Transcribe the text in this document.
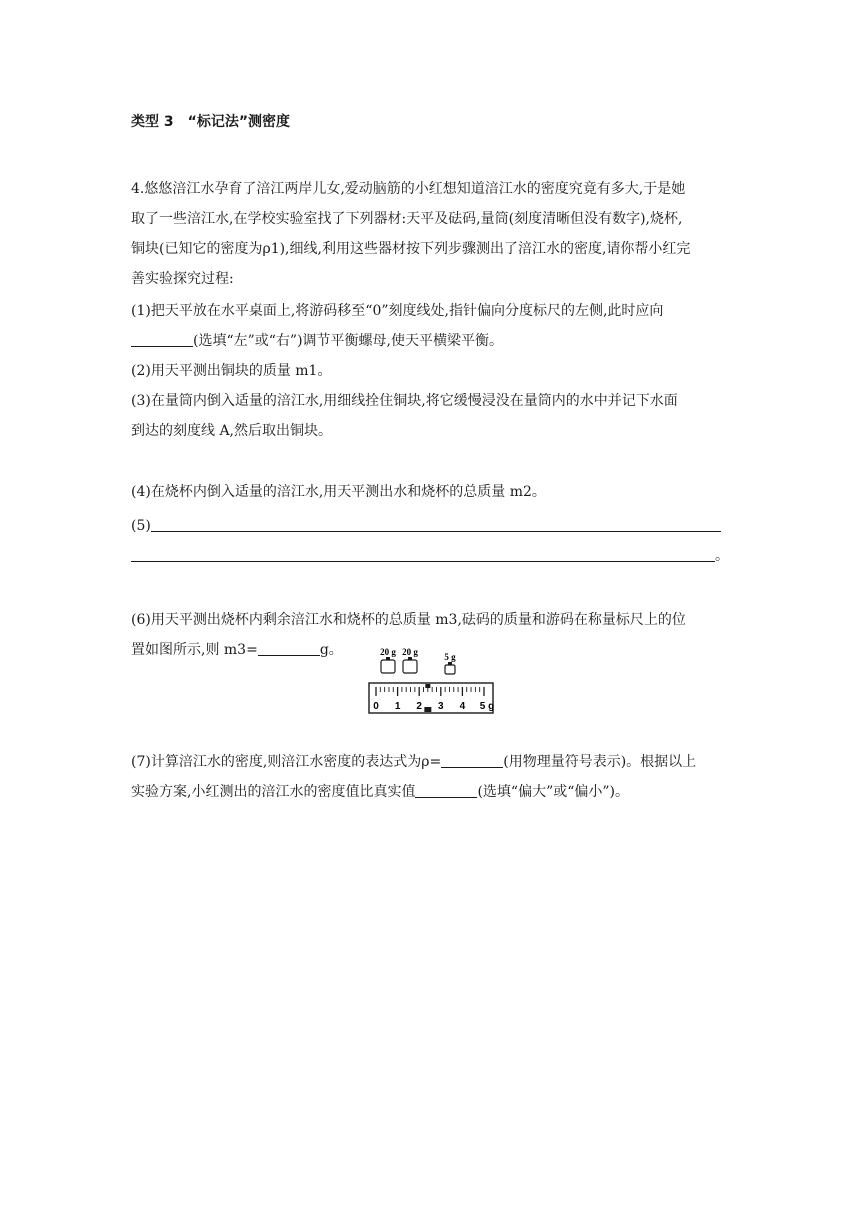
类型 3　“标记法”测密度
4.悠悠涪江水孕育了涪江两岸儿女,爱动脑筋的小红想知道涪江水的密度究竟有多大,于是她
取了一些涪江水,在学校实验室找了下列器材:天平及砝码,量筒(刻度清晰但没有数字),烧杯,
铜块(已知它的密度为ρ1),细线,利用这些器材按下列步骤测出了涪江水的密度,请你帮小红完
善实验探究过程:
(1)把天平放在水平桌面上,将游码移至“0”刻度线处,指针偏向分度标尺的左侧,此时应向
(选填“左”或“右”)调节平衡螺母,使天平横梁平衡。
(2)用天平测出铜块的质量 m1。
(3)在量筒内倒入适量的涪江水,用细线拴住铜块,将它缓慢浸没在量筒内的水中并记下水面
到达的刻度线 A,然后取出铜块。
(4)在烧杯内倒入适量的涪江水,用天平测出水和烧杯的总质量 m2。
(5)
。
(6)用天平测出烧杯内剩余涪江水和烧杯的总质量 m3,砝码的质量和游码在称量标尺上的位
置如图所示,则 m3=	g。	20 g 20 g	5 g
0 1 2 3 4 5 g
(7)计算涪江水的密度,则涪江水密度的表达式为ρ=	(用物理量符号表示)。根据以上
实验方案,小红测出的涪江水的密度值比真实值	(选填“偏大”或“偏小”)。
